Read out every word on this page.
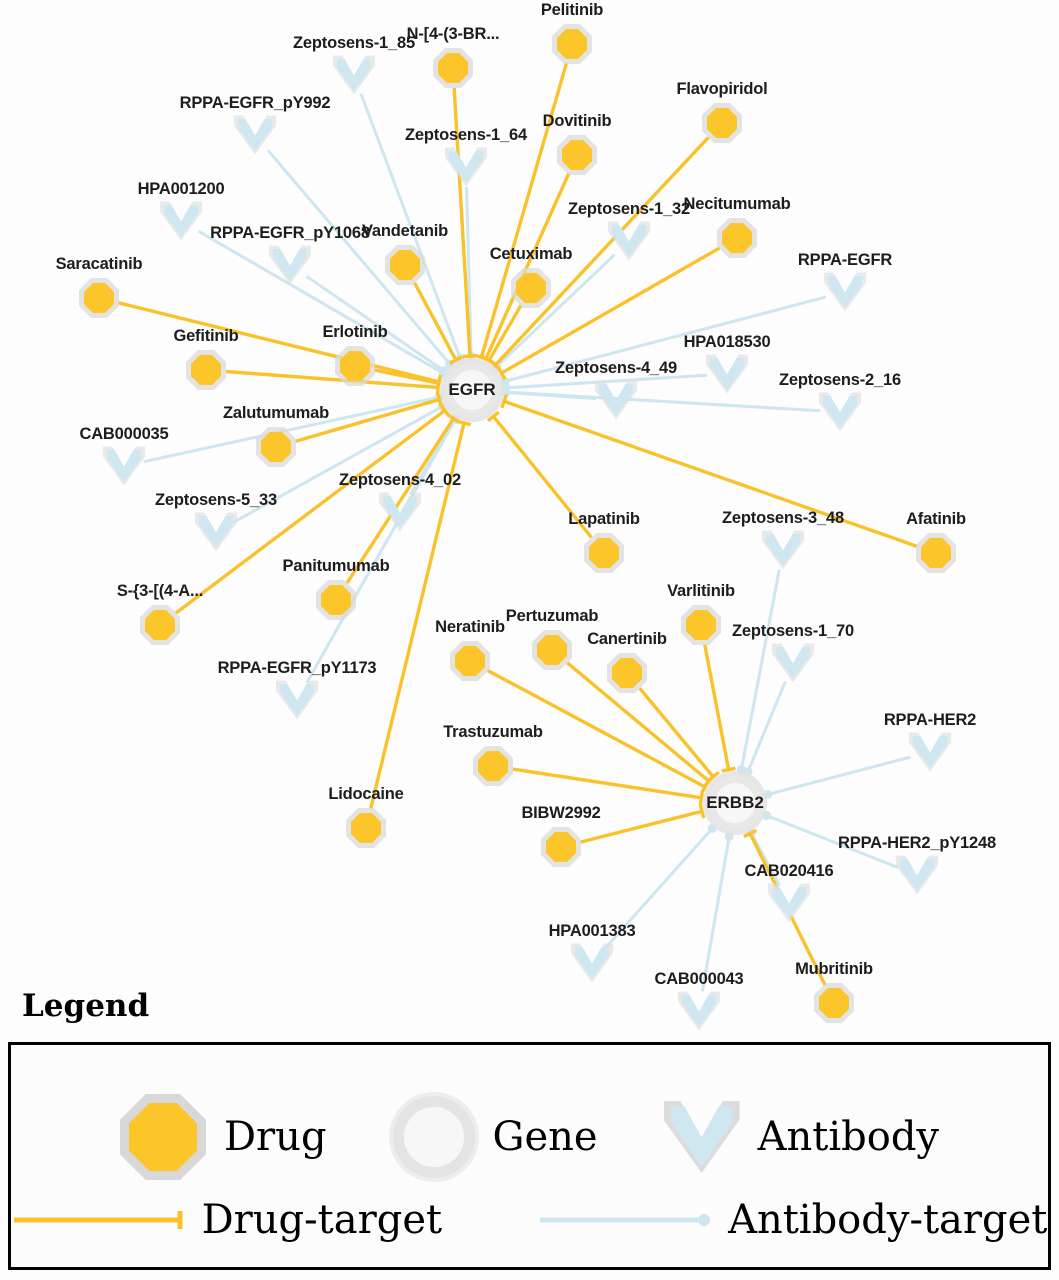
Zeptosens-1_85
RPPA-EGFR_pY992
Zeptosens-1_64
HPA001200
Zeptosens-1_32
RPPA-EGFR_pY1068
RPPA-EGFR
HPA018530
Zeptosens-4_49
Zeptosens-2_16
CAB000035
Zeptosens-5_33
Zeptosens-4_02
Zeptosens-3_48
Zeptosens-1_70
RPPA-EGFR_pY1173
RPPA-HER2
RPPA-HER2_pY1248
CAB020416
HPA001383
CAB000043
Pelitinib
N-[4-(3-BR...
Flavopiridol
Dovitinib
Necitumumab
Vandetanib
Cetuximab
Saracatinib
Gefitinib	Erlotinib
Zalutumumab
Afatinib
Lapatinib
Varlitinib
Panitumumab
S-{3-[(4-A...
Pertuzumab
Neratinib
Canertinib
Trastuzumab
Lidocaine
BIBW2992
Mubritinib
EGFR
ERBB2
Legend
Drug	Gene	Antibody
Drug-target	Antibody-target
